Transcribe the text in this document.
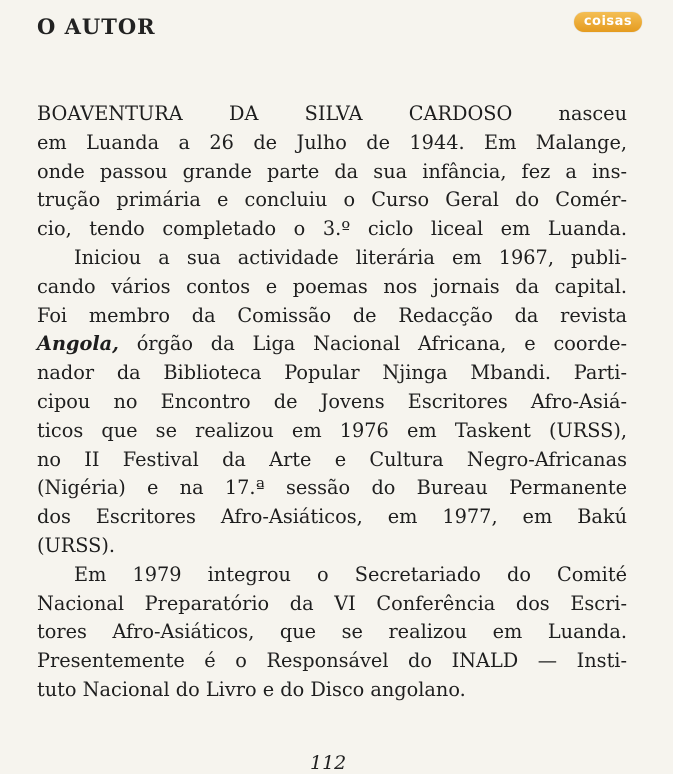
O AUTOR	coisas
BOAVENTURA DA SILVA CARDOSO nasceu
em Luanda a 26 de Julho de 1944. Em Malange,
onde passou grande parte da sua infância, fez a ins-
trução primária e concluiu o Curso Geral do Comér-
cio, tendo completado o 3.º ciclo liceal em Luanda.
Iniciou a sua actividade literária em 1967, publi-
cando vários contos e poemas nos jornais da capital.
Foi membro da Comissão de Redacção da revista
Angola, órgão da Liga Nacional Africana, e coorde-
nador da Biblioteca Popular Njinga Mbandi. Parti-
cipou no Encontro de Jovens Escritores Afro-Asiá-
ticos que se realizou em 1976 em Taskent (URSS),
no II Festival da Arte e Cultura Negro-Africanas
(Nigéria) e na 17.ª sessão do Bureau Permanente
dos Escritores Afro-Asiáticos, em 1977, em Bakú
(URSS).
Em 1979 integrou o Secretariado do Comité
Nacional Preparatório da VI Conferência dos Escri-
tores Afro-Asiáticos, que se realizou em Luanda.
Presentemente é o Responsável do INALD — Insti-
tuto Nacional do Livro e do Disco angolano.
112
